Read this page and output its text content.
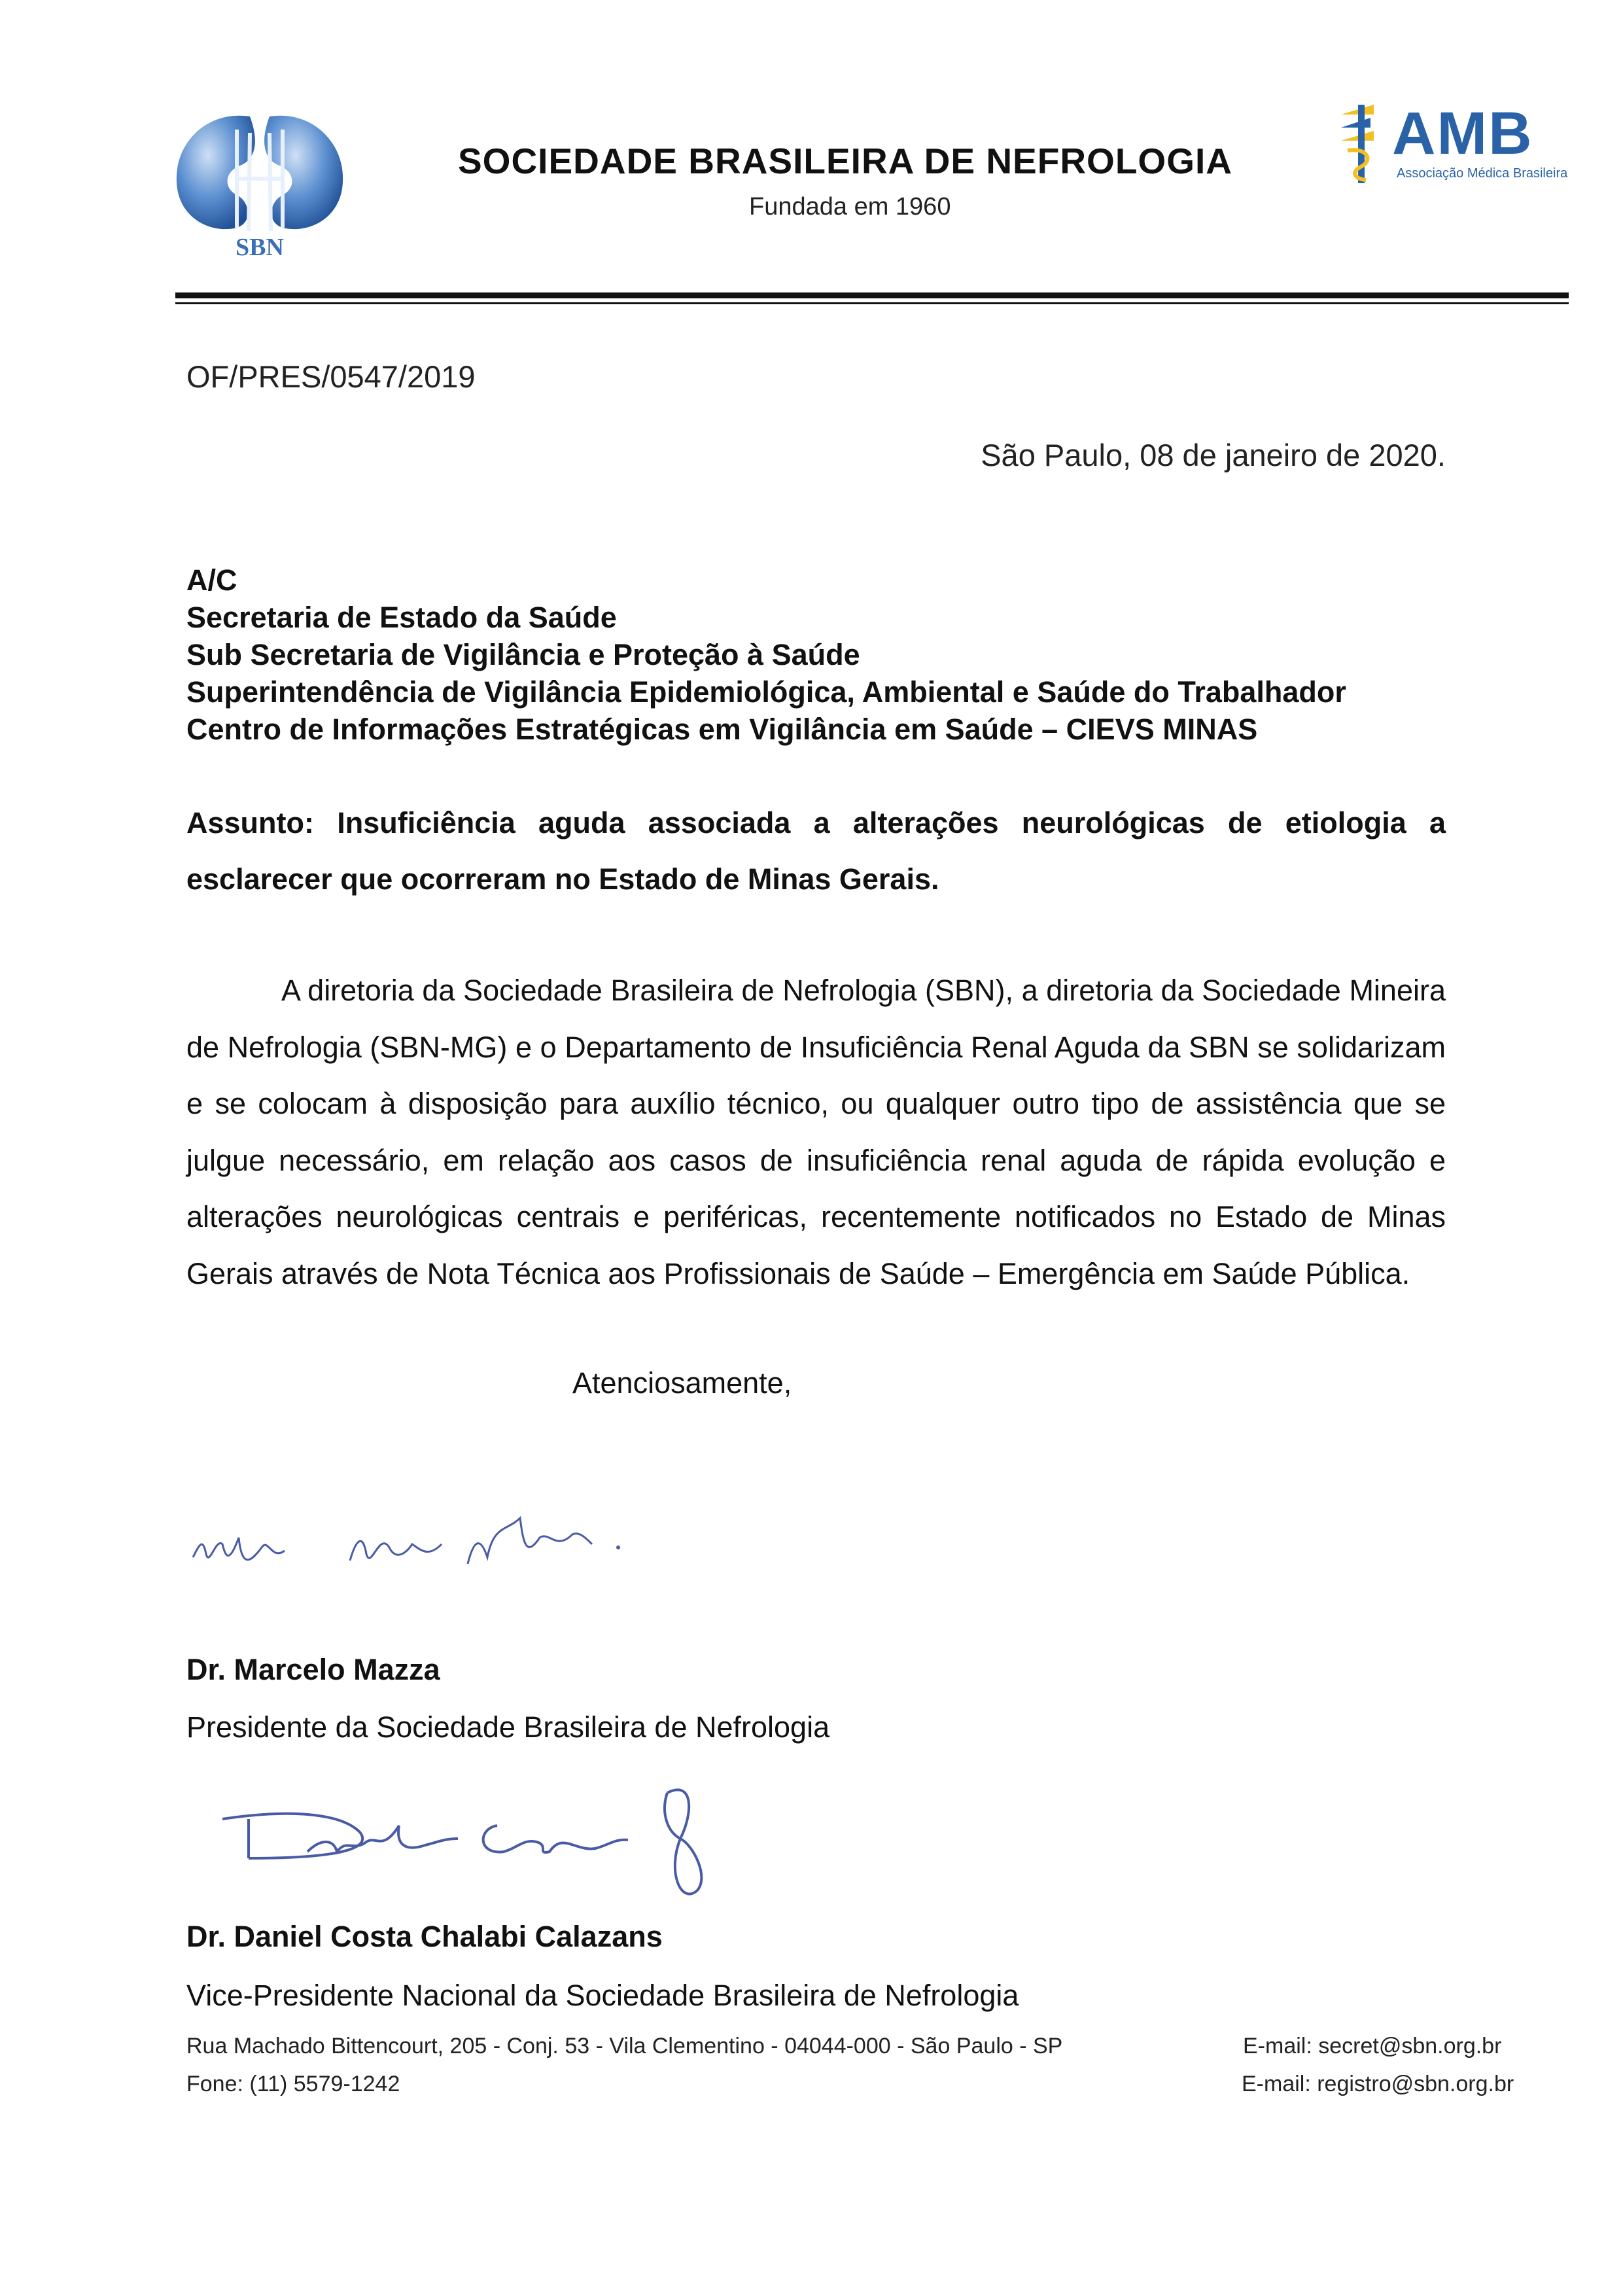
SBN
SOCIEDADE BRASILEIRA DE NEFROLOGIA
Fundada em 1960
AMB
Associação Médica Brasileira
OF/PRES/0547/2019
São Paulo, 08 de janeiro de 2020.
A/C
Secretaria de Estado da Saúde
Sub Secretaria de Vigilância e Proteção à Saúde
Superintendência de Vigilância Epidemiológica, Ambiental e Saúde do Trabalhador
Centro de Informações Estratégicas em Vigilância em Saúde – CIEVS MINAS
Assunto: Insuficiência aguda associada a alterações neurológicas de etiologia a esclarecer que ocorreram no Estado de Minas Gerais.
A diretoria da Sociedade Brasileira de Nefrologia (SBN), a diretoria da Sociedade Mineira de Nefrologia (SBN-MG) e o Departamento de Insuficiência Renal Aguda da SBN se solidarizam e se colocam à disposição para auxílio técnico, ou qualquer outro tipo de assistência que se julgue necessário, em relação aos casos de insuficiência renal aguda de rápida evolução e alterações neurológicas centrais e periféricas, recentemente notificados no Estado de Minas Gerais através de Nota Técnica aos Profissionais de Saúde – Emergência em Saúde Pública.
Atenciosamente,
Dr. Marcelo Mazza
Presidente da Sociedade Brasileira de Nefrologia
Dr. Daniel Costa Chalabi Calazans
Vice-Presidente Nacional da Sociedade Brasileira de Nefrologia
Rua Machado Bittencourt, 205 - Conj. 53 - Vila Clementino - 04044-000 - São Paulo - SP
Fone: (11) 5579-1242
E-mail: secret@sbn.org.br
E-mail: registro@sbn.org.br
